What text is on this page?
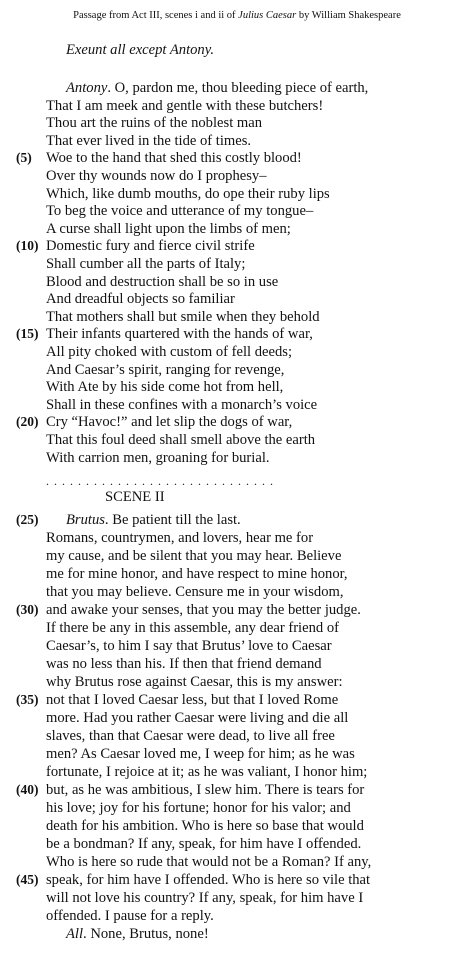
Passage from Act III, scenes i and ii of Julius Caesar by William Shakespeare
Exeunt all except Antony.
Antony. O, pardon me, thou bleeding piece of earth,
That I am meek and gentle with these butchers!
Thou art the ruins of the noblest man
That ever lived in the tide of times.
(5) Woe to the hand that shed this costly blood!
Over thy wounds now do I prophesy–
Which, like dumb mouths, do ope their ruby lips
To beg the voice and utterance of my tongue–
A curse shall light upon the limbs of men;
(10) Domestic fury and fierce civil strife
Shall cumber all the parts of Italy;
Blood and destruction shall be so in use
And dreadful objects so familiar
That mothers shall but smile when they behold
(15) Their infants quartered with the hands of war,
All pity choked with custom of fell deeds;
And Caesar’s spirit, ranging for revenge,
With Ate by his side come hot from hell,
Shall in these confines with a monarch’s voice
(20) Cry “Havoc!” and let slip the dogs of war,
That this foul deed shall smell above the earth
With carrion men, groaning for burial.
. . . . . . . . . . . . . . . . . . . . . . . . . . . . .
SCENE II
(25) Brutus. Be patient till the last.
Romans, countrymen, and lovers, hear me for
my cause, and be silent that you may hear. Believe
me for mine honor, and have respect to mine honor,
that you may believe. Censure me in your wisdom,
(30) and awake your senses, that you may the better judge.
If there be any in this assemble, any dear friend of
Caesar’s, to him I say that Brutus’ love to Caesar
was no less than his. If then that friend demand
why Brutus rose against Caesar, this is my answer:
(35) not that I loved Caesar less, but that I loved Rome
more. Had you rather Caesar were living and die all
slaves, than that Caesar were dead, to live all free
men? As Caesar loved me, I weep for him; as he was
fortunate, I rejoice at it; as he was valiant, I honor him;
(40) but, as he was ambitious, I slew him. There is tears for
his love; joy for his fortune; honor for his valor; and
death for his ambition. Who is here so base that would
be a bondman? If any, speak, for him have I offended.
Who is here so rude that would not be a Roman? If any,
(45) speak, for him have I offended. Who is here so vile that
will not love his country? If any, speak, for him have I
offended. I pause for a reply.
All. None, Brutus, none!
